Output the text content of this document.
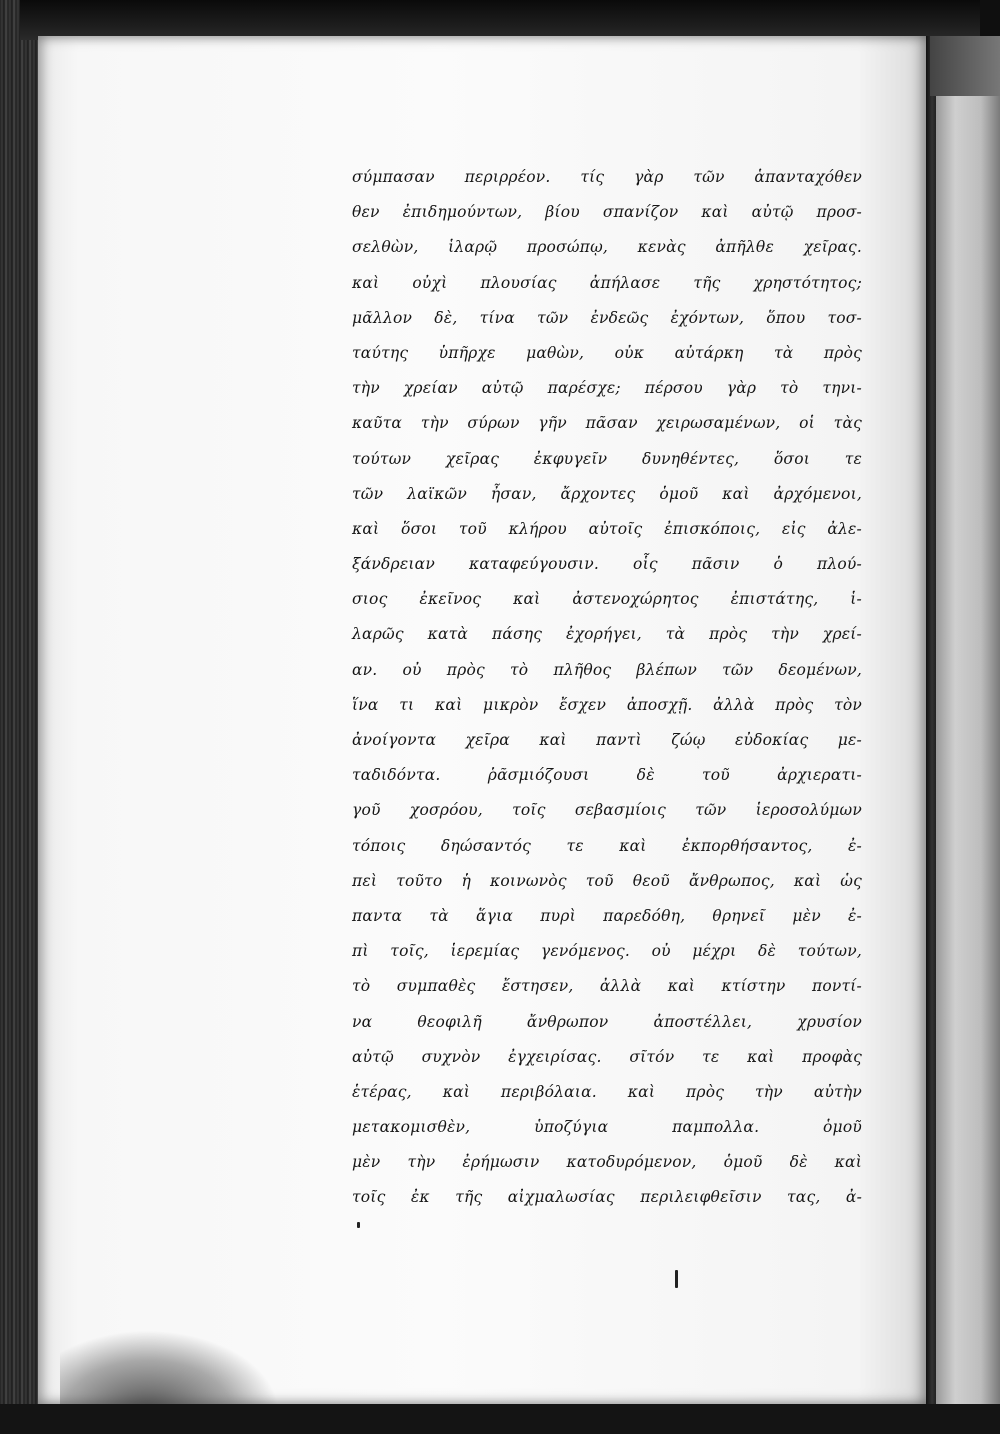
σύμπασαν περιρρέον. τίς γὰρ τῶν ἁπανταχόθεν
θεν ἐπιδημούντων, βίου σπανίζον καὶ αὐτῷ προσ-
σελθὼν, ἱλαρῷ προσώπῳ, κενὰς ἀπῆλθε χεῖρας.
καὶ οὐχὶ πλουσίας ἀπήλασε τῆς χρηστότητος;
μᾶλλον δὲ, τίνα τῶν ἐνδεῶς ἐχόντων, ὅπου τοσ-
ταύτης ὑπῆρχε μαθὼν, οὐκ αὐτάρκη τὰ πρὸς
τὴν χρείαν αὐτῷ παρέσχε; πέρσου γὰρ τὸ τηνι-
καῦτα τὴν σύρων γῆν πᾶσαν χειρωσαμένων, οἱ τὰς
τούτων χεῖρας ἐκφυγεῖν δυνηθέντες, ὅσοι τε
τῶν λαϊκῶν ἦσαν, ἄρχοντες ὁμοῦ καὶ ἀρχόμενοι,
καὶ ὅσοι τοῦ κλήρου αὐτοῖς ἐπισκόποις, εἰς ἀλε-
ξάνδρειαν καταφεύγουσιν. οἷς πᾶσιν ὁ πλού-
σιος ἐκεῖνος καὶ ἀστενοχώρητος ἐπιστάτης, ἱ-
λαρῶς κατὰ πάσης ἐχορήγει, τὰ πρὸς τὴν χρεί-
αν. οὐ πρὸς τὸ πλῆθος βλέπων τῶν δεομένων,
ἵνα τι καὶ μικρὸν ἔσχεν ἀποσχῇ. ἀλλὰ πρὸς τὸν
ἀνοίγοντα χεῖρα καὶ παντὶ ζώῳ εὐδοκίας με-
ταδιδόντα. ῥᾶσμιόζουσι δὲ τοῦ ἀρχιερατι-
γοῦ χοσρόου, τοῖς σεβασμίοις τῶν ἱεροσολύμων
τόποις δηώσαντός τε καὶ ἐκπορθήσαντος, ἐ-
πεὶ τοῦτο ἡ κοινωνὸς τοῦ θεοῦ ἄνθρωπος, καὶ ὡς
παντα τὰ ἅγια πυρὶ παρεδόθη, θρηνεῖ μὲν ἐ-
πὶ τοῖς, ἱερεμίας γενόμενος. οὐ μέχρι δὲ τούτων,
τὸ συμπαθὲς ἔστησεν, ἀλλὰ καὶ κτίστην ποντί-
να θεοφιλῆ ἄνθρωπον ἀποστέλλει, χρυσίον
αὐτῷ συχνὸν ἐγχειρίσας. σῖτόν τε καὶ προφὰς
ἑτέρας, καὶ περιβόλαια. καὶ πρὸς τὴν αὐτὴν
μετακομισθὲν, ὑποζύγια παμπολλα. ὁμοῦ
μὲν τὴν ἐρήμωσιν κατοδυρόμενον, ὁμοῦ δὲ καὶ
τοῖς ἐκ τῆς αἰχμαλωσίας περιλειφθεῖσιν τας, ἀ-
